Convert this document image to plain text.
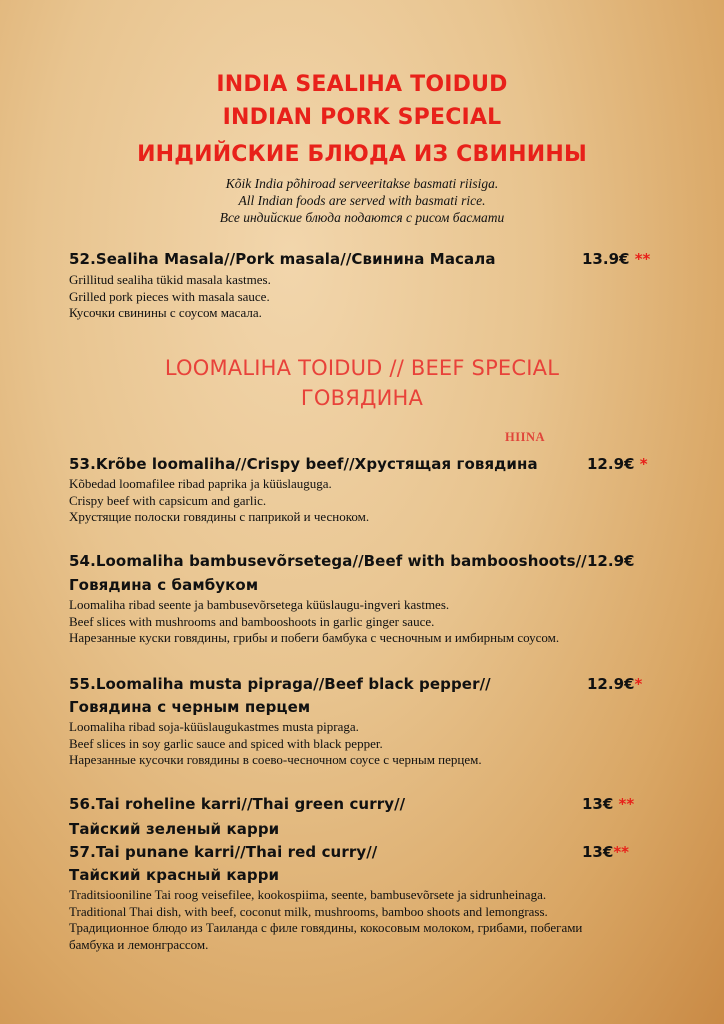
INDIA SEALIHA TOIDUD
INDIAN PORK SPECIAL
ИНДИЙСКИЕ БЛЮДА ИЗ СВИНИНЫ
Kõik India põhiroad serveeritakse basmati riisiga.
All Indian foods are served with basmati rice.
Все индийские блюда подаются с рисом басмати
52.Sealiha Masala//Pork masala//Свинина Масала	13.9€ **
Grillitud sealiha tükid masala kastmes.
Grilled pork pieces with masala sauce.
Кусочки свинины с соусом масала.
LOOMALIHA TOIDUD // BEEF SPECIAL
ГОВЯДИНА
HIINA
53.Krõbe loomaliha//Crispy beef//Хрустящая говядина	12.9€ *
Kõbedad loomafilee ribad paprika ja küüslauguga.
Crispy beef with capsicum and garlic.
Хрустящие полоски говядины с паприкой и чесноком.
54.Loomaliha bambusevõrsetega//Beef with bambooshoots// 12.9€
Говядина с бамбуком
Loomaliha ribad seente ja bambusevõrsetega küüslaugu-ingveri kastmes.
Beef slices with mushrooms and bambooshoots in garlic ginger sauce.
Нарезанные куски говядины, грибы и побеги бамбука с чесночным и имбирным соусом.
55.Loomaliha musta pipraga//Beef black pepper//	12.9€*
Говядина с черным перцем
Loomaliha ribad soja-küüslaugukastmes musta pipraga.
Beef slices in soy garlic sauce and spiced with black pepper.
Нарезанные кусочки говядины в соево-чесночном соусе с черным перцем.
56.Tai roheline karri//Thai green curry//	13€ **
Тайский зеленый карри
57.Tai punane karri//Thai red curry//	13€**
Тайский красный карри
Traditsiooniline Tai roog veisefilee, kookospiima, seente, bambusevõrsete ja sidrunheinaga.
Traditional Thai dish, with beef, coconut milk, mushrooms, bamboo shoots and lemongrass.
Традиционное блюдо из Таиланда с филе говядины, кокосовым молоком, грибами, побегами
бамбука и лемонграссом.
